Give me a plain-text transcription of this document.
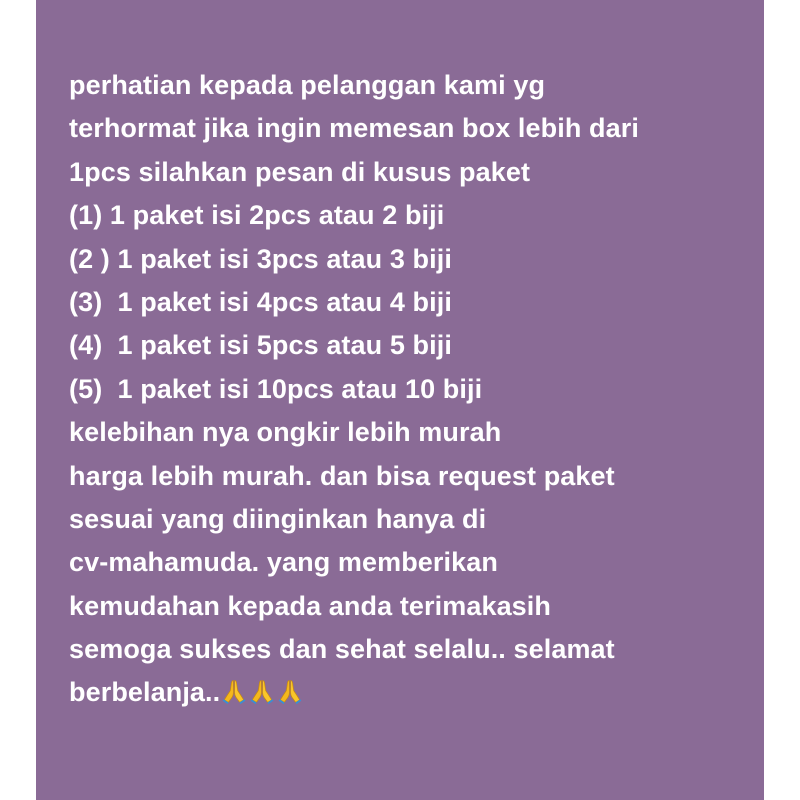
perhatian kepada pelanggan kami yg
terhormat jika ingin memesan box lebih dari
1pcs silahkan pesan di kusus paket
(1) 1 paket isi 2pcs atau 2 biji
(2 ) 1 paket isi 3pcs atau 3 biji
(3)  1 paket isi 4pcs atau 4 biji
(4)  1 paket isi 5pcs atau 5 biji
(5)  1 paket isi 10pcs atau 10 biji
kelebihan nya ongkir lebih murah
harga lebih murah. dan bisa request paket
sesuai yang diinginkan hanya di
cv-mahamuda. yang memberikan
kemudahan kepada anda terimakasih
semoga sukses dan sehat selalu.. selamat
berbelanja..
